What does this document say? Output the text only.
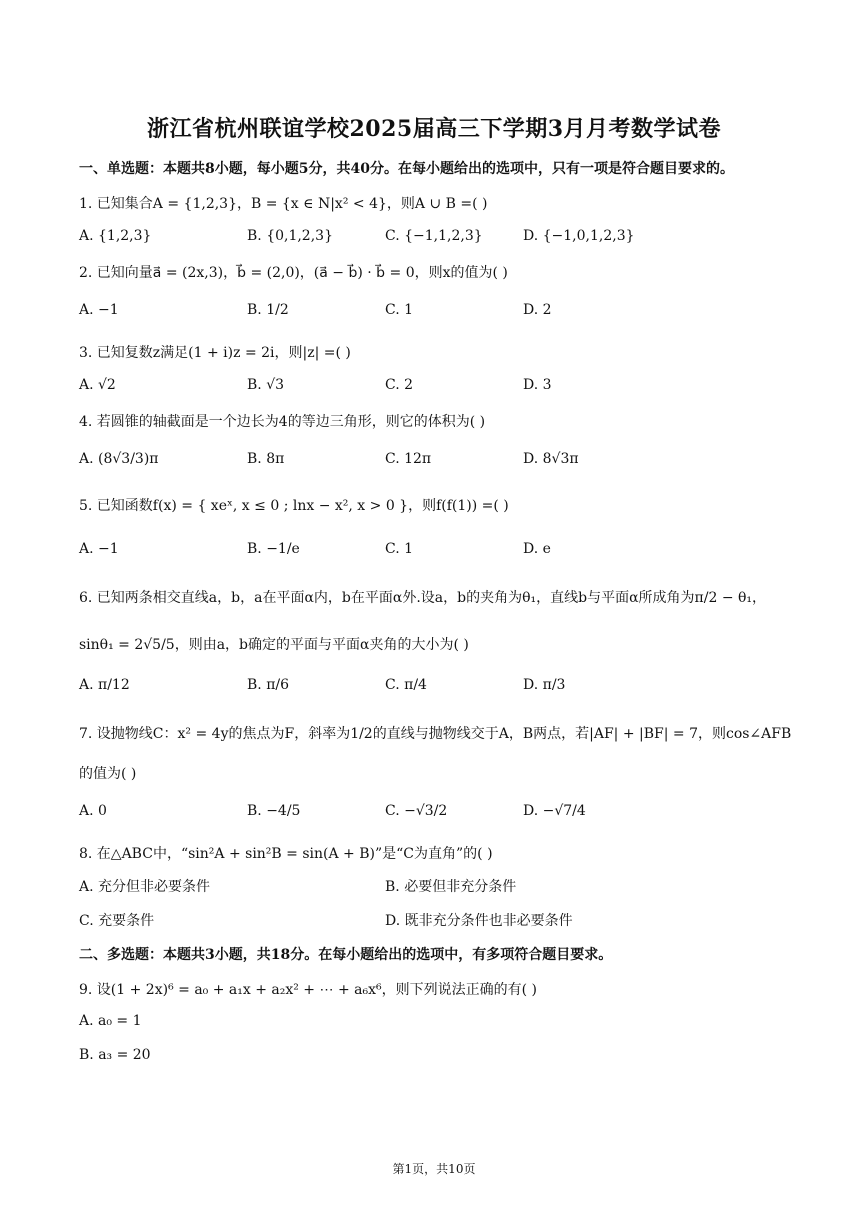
浙江省杭州联谊学校2025届高三下学期3月月考数学试卷
一、单选题：本题共8小题，每小题5分，共40分。在每小题给出的选项中，只有一项是符合题目要求的。
1. 已知集合A = {1,2,3}，B = {x ∈ N|x² < 4}，则A ∪ B =( )
A. {1,2,3}	B. {0,1,2,3}	C. {−1,1,2,3}	D. {−1,0,1,2,3}
2. 已知向量a⃗ = (2x,3)，b⃗ = (2,0)，(a⃗ − b⃗) · b⃗ = 0，则x的值为( )
A. −1	B. 1/2	C. 1	D. 2
3. 已知复数z满足(1 + i)z = 2i，则|z| =( )
A. √2	B. √3	C. 2	D. 3
4. 若圆锥的轴截面是一个边长为4的等边三角形，则它的体积为( )
A. (8√3/3)π	B. 8π	C. 12π	D. 8√3π
5. 已知函数f(x) = { xeˣ, x ≤ 0 ; lnx − x², x > 0 }，则f(f(1)) =( )
A. −1	B. −1/e	C. 1	D. e
6. 已知两条相交直线a，b，a在平面α内，b在平面α外.设a，b的夹角为θ₁，直线b与平面α所成角为π/2 − θ₁，
sinθ₁ = 2√5/5，则由a，b确定的平面与平面α夹角的大小为( )
A. π/12	B. π/6	C. π/4	D. π/3
7. 设抛物线C：x² = 4y的焦点为F，斜率为1/2的直线与抛物线交于A，B两点，若|AF| + |BF| = 7，则cos∠AFB
的值为( )
A. 0	B. −4/5	C. −√3/2	D. −√7/4
8. 在△ABC中，“sin²A + sin²B = sin(A + B)”是“C为直角”的( )
A. 充分但非必要条件	B. 必要但非充分条件
C. 充要条件	D. 既非充分条件也非必要条件
二、多选题：本题共3小题，共18分。在每小题给出的选项中，有多项符合题目要求。
9. 设(1 + 2x)⁶ = a₀ + a₁x + a₂x² + ⋯ + a₆x⁶，则下列说法正确的有( )
A. a₀ = 1
B. a₃ = 20
第1页，共10页
